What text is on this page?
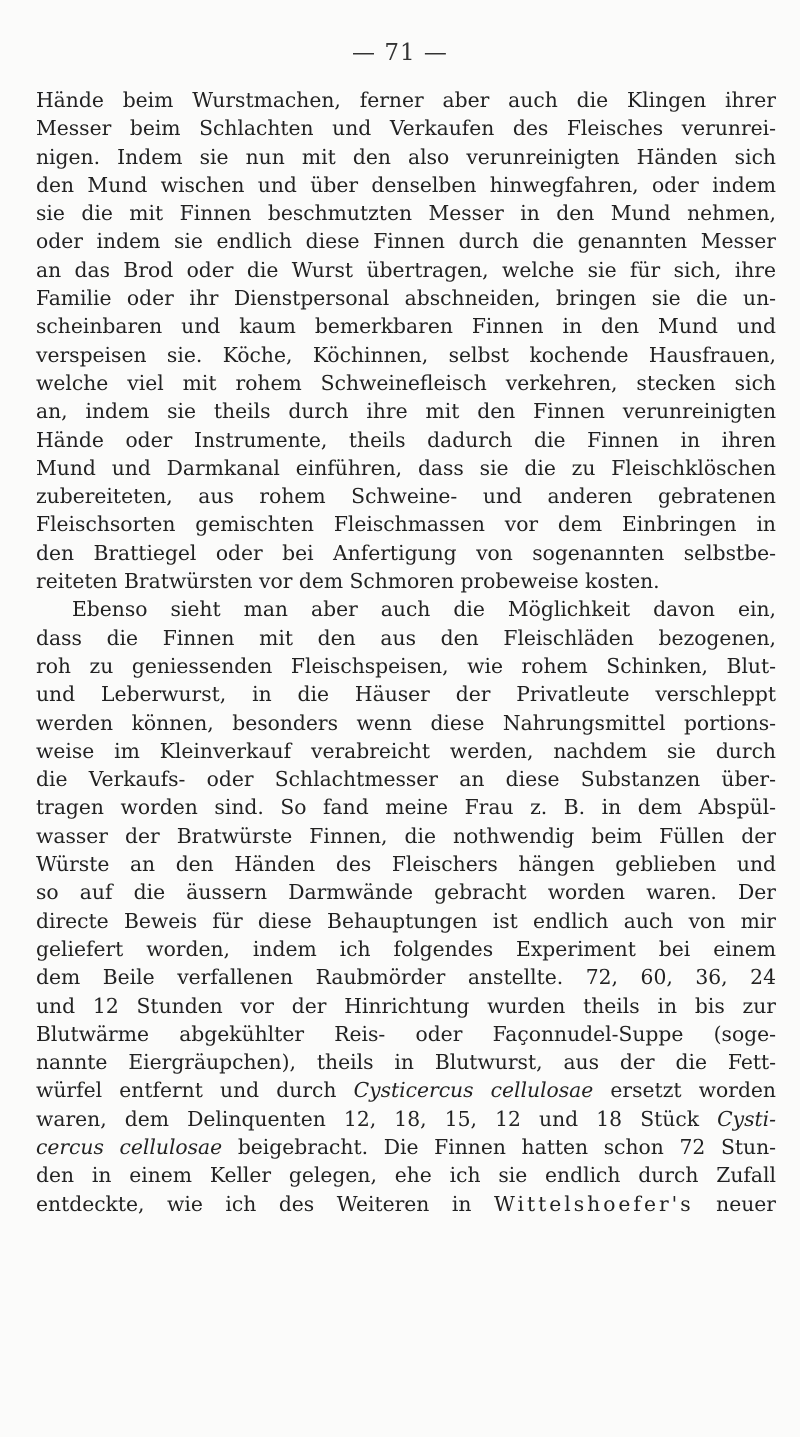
— 71 —
Hände beim Wurstmachen, ferner aber auch die Klingen ihrer
Messer beim Schlachten und Verkaufen des Fleisches verunrei-
nigen. Indem sie nun mit den also verunreinigten Händen sich
den Mund wischen und über denselben hinwegfahren, oder indem
sie die mit Finnen beschmutzten Messer in den Mund nehmen,
oder indem sie endlich diese Finnen durch die genannten Messer
an das Brod oder die Wurst übertragen, welche sie für sich, ihre
Familie oder ihr Dienstpersonal abschneiden, bringen sie die un-
scheinbaren und kaum bemerkbaren Finnen in den Mund und
verspeisen sie. Köche, Köchinnen, selbst kochende Hausfrauen,
welche viel mit rohem Schweinefleisch verkehren, stecken sich
an, indem sie theils durch ihre mit den Finnen verunreinigten
Hände oder Instrumente, theils dadurch die Finnen in ihren
Mund und Darmkanal einführen, dass sie die zu Fleischklöschen
zubereiteten, aus rohem Schweine- und anderen gebratenen
Fleischsorten gemischten Fleischmassen vor dem Einbringen in
den Brattiegel oder bei Anfertigung von sogenannten selbstbe-
reiteten Bratwürsten vor dem Schmoren probeweise kosten.
Ebenso sieht man aber auch die Möglichkeit davon ein,
dass die Finnen mit den aus den Fleischläden bezogenen,
roh zu geniessenden Fleischspeisen, wie rohem Schinken, Blut-
und Leberwurst, in die Häuser der Privatleute verschleppt
werden können, besonders wenn diese Nahrungsmittel portions-
weise im Kleinverkauf verabreicht werden, nachdem sie durch
die Verkaufs- oder Schlachtmesser an diese Substanzen über-
tragen worden sind. So fand meine Frau z. B. in dem Abspül-
wasser der Bratwürste Finnen, die nothwendig beim Füllen der
Würste an den Händen des Fleischers hängen geblieben und
so auf die äussern Darmwände gebracht worden waren. Der
directe Beweis für diese Behauptungen ist endlich auch von mir
geliefert worden, indem ich folgendes Experiment bei einem
dem Beile verfallenen Raubmörder anstellte. 72, 60, 36, 24
und 12 Stunden vor der Hinrichtung wurden theils in bis zur
Blutwärme abgekühlter Reis- oder Façonnudel-Suppe (soge-
nannte Eiergräupchen), theils in Blutwurst, aus der die Fett-
würfel entfernt und durch Cysticercus cellulosae ersetzt worden
waren, dem Delinquenten 12, 18, 15, 12 und 18 Stück Cysti-
cercus cellulosae beigebracht. Die Finnen hatten schon 72 Stun-
den in einem Keller gelegen, ehe ich sie endlich durch Zufall
entdeckte, wie ich des Weiteren in Wittelshoefer's neuer
